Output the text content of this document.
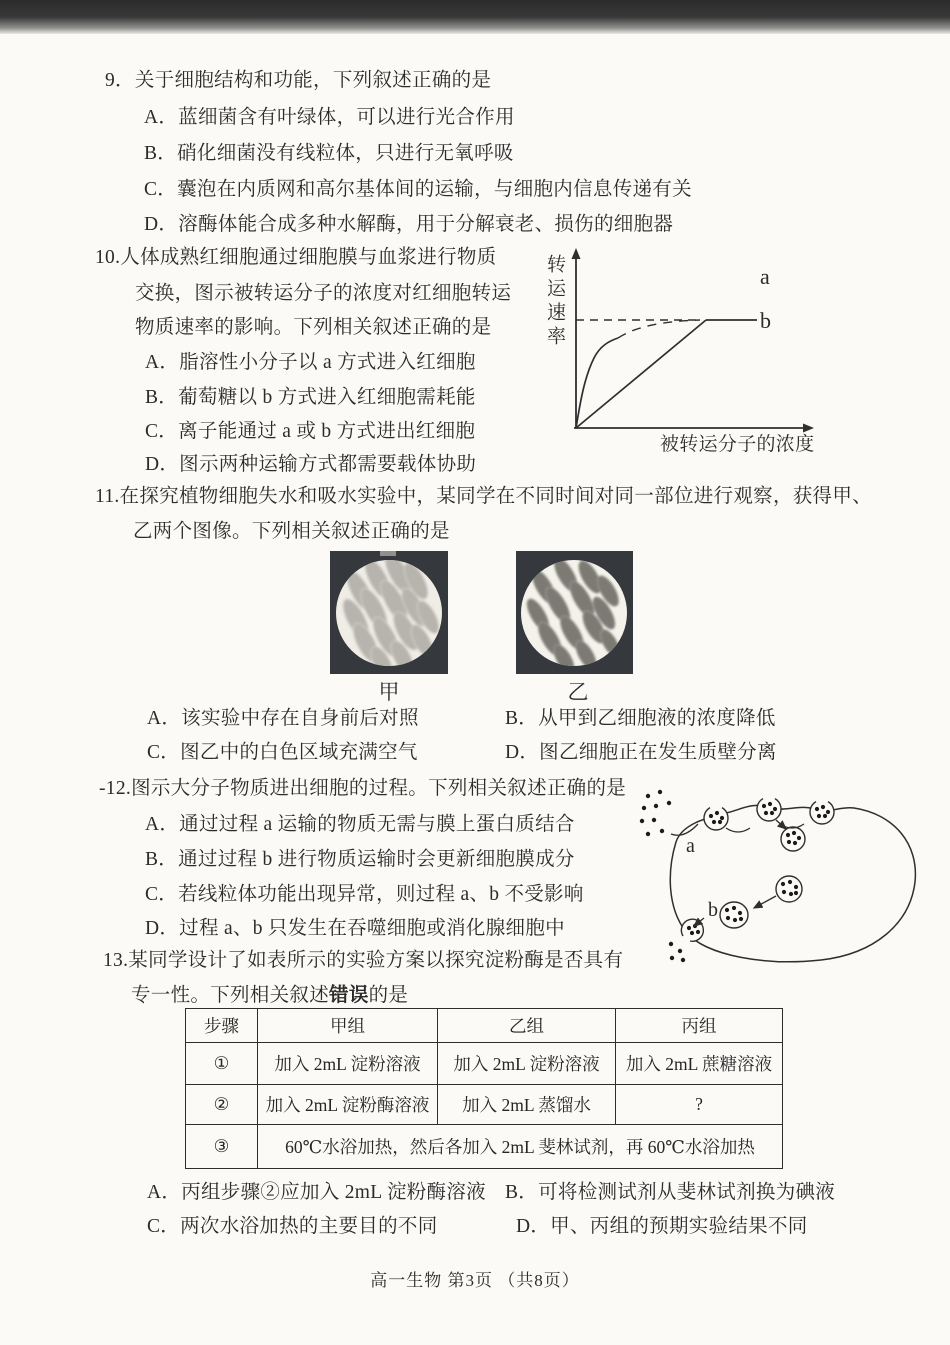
9．关于细胞结构和功能，下列叙述正确的是
A．蓝细菌含有叶绿体，可以进行光合作用
B．硝化细菌没有线粒体，只进行无氧呼吸
C．囊泡在内质网和高尔基体间的运输，与细胞内信息传递有关
D．溶酶体能合成多种水解酶，用于分解衰老、损伤的细胞器
10.人体成熟红细胞通过细胞膜与血浆进行物质
交换，图示被转运分子的浓度对红细胞转运
物质速率的影响。下列相关叙述正确的是
A．脂溶性小分子以 a 方式进入红细胞
B．葡萄糖以 b 方式进入红细胞需耗能
C．离子能通过 a 或 b 方式进出红细胞
D．图示两种运输方式都需要载体协助
转运速率	a
b
被转运分子的浓度
11.在探究植物细胞失水和吸水实验中，某同学在不同时间对同一部位进行观察，获得甲、
乙两个图像。下列相关叙述正确的是
甲	乙
A．该实验中存在自身前后对照	B．从甲到乙细胞液的浓度降低
C．图乙中的白色区域充满空气	D．图乙细胞正在发生质壁分离
-12.图示大分子物质进出细胞的过程。下列相关叙述正确的是
A．通过过程 a 运输的物质无需与膜上蛋白质结合
B．通过过程 b 进行物质运输时会更新细胞膜成分
C．若线粒体功能出现异常，则过程 a、b 不受影响
D．过程 a、b 只发生在吞噬细胞或消化腺细胞中
a
b
13.某同学设计了如表所示的实验方案以探究淀粉酶是否具有
专一性。下列相关叙述错误的是
步骤	甲组	乙组	丙组
①	加入 2mL 淀粉溶液	加入 2mL 淀粉溶液	加入 2mL 蔗糖溶液
②	加入 2mL 淀粉酶溶液	加入 2mL 蒸馏水	?
③	60℃水浴加热，然后各加入 2mL 斐林试剂，再 60℃水浴加热		
A．丙组步骤②应加入 2mL 淀粉酶溶液 B．可将检测试剂从斐林试剂换为碘液
C．两次水浴加热的主要目的不同	D．甲、丙组的预期实验结果不同
高一生物 第3页 （共8页）
